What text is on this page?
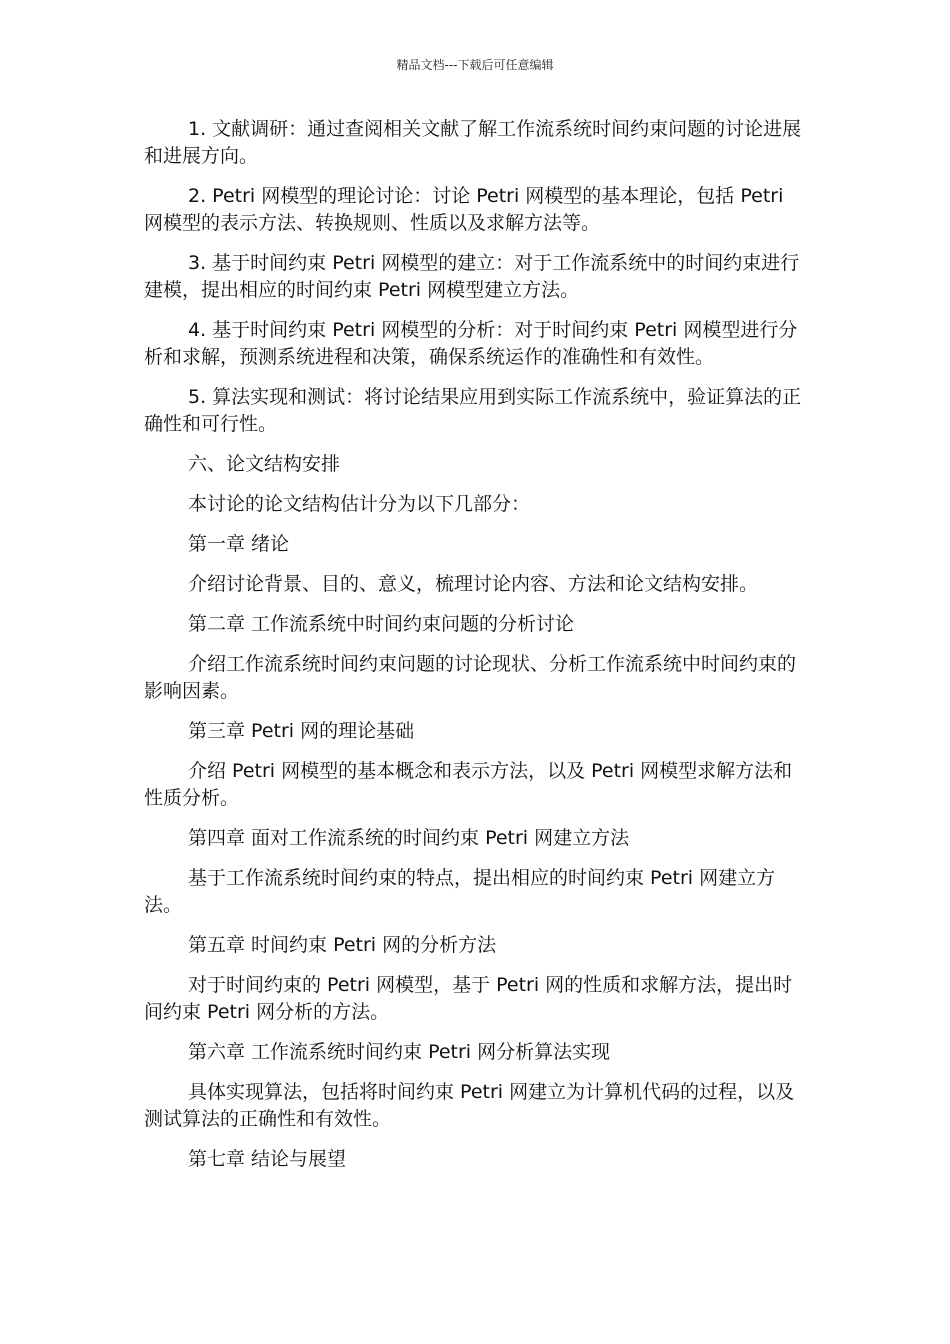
精品文档---下载后可任意编辑

1. 文献调研：通过查阅相关文献了解工作流系统时间约束问题的讨论进展和进展方向。

2. Petri 网模型的理论讨论：讨论 Petri 网模型的基本理论，包括 Petri 网模型的表示方法、转换规则、性质以及求解方法等。

3. 基于时间约束 Petri 网模型的建立：对于工作流系统中的时间约束进行建模，提出相应的时间约束 Petri 网模型建立方法。

4. 基于时间约束 Petri 网模型的分析：对于时间约束 Petri 网模型进行分析和求解，预测系统进程和决策，确保系统运作的准确性和有效性。

5. 算法实现和测试：将讨论结果应用到实际工作流系统中，验证算法的正确性和可行性。

六、论文结构安排

本讨论的论文结构估计分为以下几部分：

第一章 绪论

介绍讨论背景、目的、意义，梳理讨论内容、方法和论文结构安排。

第二章 工作流系统中时间约束问题的分析讨论

介绍工作流系统时间约束问题的讨论现状、分析工作流系统中时间约束的影响因素。

第三章 Petri 网的理论基础

介绍 Petri 网模型的基本概念和表示方法，以及 Petri 网模型求解方法和性质分析。

第四章 面对工作流系统的时间约束 Petri 网建立方法

基于工作流系统时间约束的特点，提出相应的时间约束 Petri 网建立方法。

第五章 时间约束 Petri 网的分析方法

对于时间约束的 Petri 网模型，基于 Petri 网的性质和求解方法，提出时间约束 Petri 网分析的方法。

第六章 工作流系统时间约束 Petri 网分析算法实现

具体实现算法，包括将时间约束 Petri 网建立为计算机代码的过程，以及测试算法的正确性和有效性。

第七章 结论与展望
